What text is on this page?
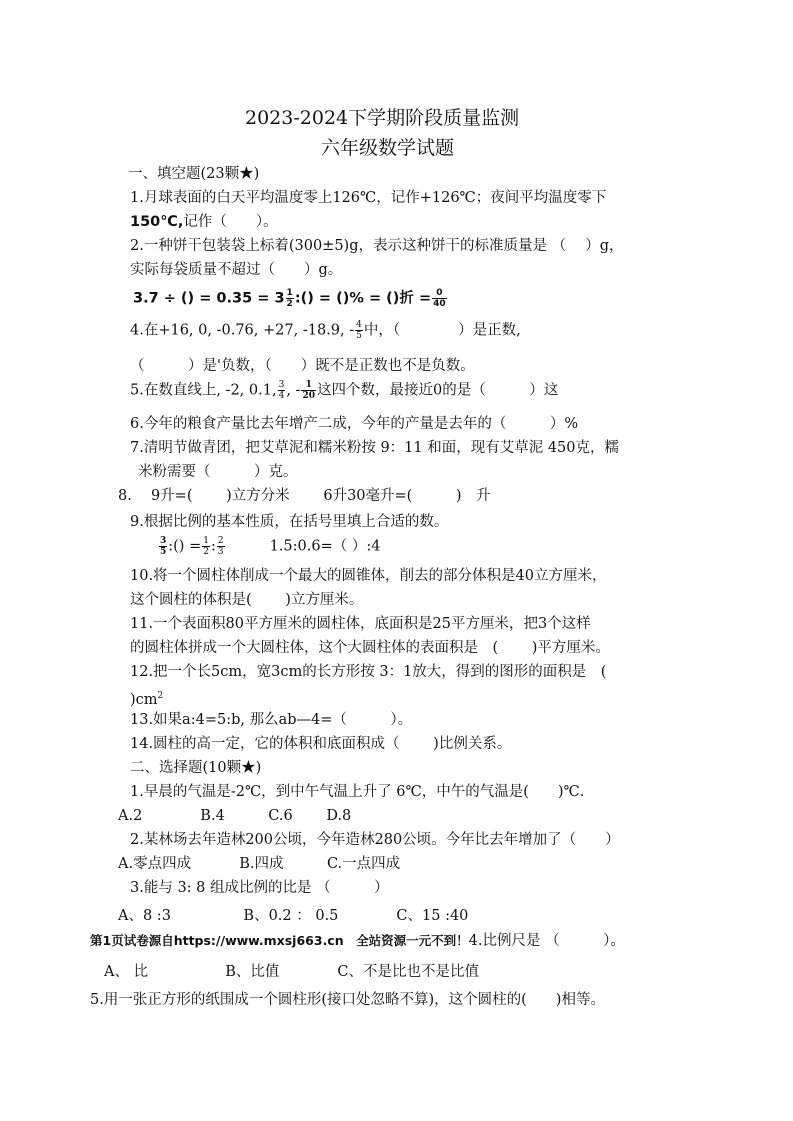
2023-2024下学期阶段质量监测
六年级数学试题
一、填空题(23颗★)
1.月球表面的白天平均温度零上126℃，记作+126℃；夜间平均温度零下
150℃,记作（　　）。
2.一种饼干包装袋上标着(300±5)g，表示这种饼干的标准质量是 （　 ）g，
实际每袋质量不超过（　　）g。
3.7 ÷ () = $0.35 = 3 \frac{1}{2}$ :() = ()% = ()折 = $\frac{0}{40}$
4.在+16, 0, -0.76, +27, -18.9, - $\frac{4}{5}$ 中，（　　　　）是正数,
（　　　）是'负数，（　　）既不是正数也不是负数。
5.在数直线上, -2, 0.1, $\frac{3}{4}$ , - $\frac{1}{20}$ 这四个数，最接近0的是（　　　）这
6.今年的粮食产量比去年增产二成，今年的产量是去年的（　　　）%
7.清明节做青团，把艾草泥和糯米粉按 9：11 和面，现有艾草泥 450克，糯
米粉需要（　　　）克。
8.　 9升=(　　 )立方分米　　 6升30毫升=(　　　)　升
9.根据比例的基本性质，在括号里填上合适的数。
$\frac{3}{5}$ :() = $\frac{1}{2}$ : $\frac{2}{3}$	1.5:0.6=（ ）:4
10.将一个圆柱体削成一个最大的圆锥体，削去的部分体积是40立方厘米，
这个圆柱的体积是(　　 )立方厘米。
11.一个表面积80平方厘米的圆柱体，底面积是25平方厘米，把3个这样
的圆柱体拼成一个大圆柱体，这个大圆柱体的表面积是　(　　 )平方厘米。
12.把一个长5cm，宽3cm的长方形按 3：1放大，得到的图形的面积是　(
)$cm^2$
13.如果a:4=5:b, 那么ab—4=（　　　）。
14.圆柱的高一定，它的体积和底面积成（　　 )比例关系。
二、选择题(10颗★)
1.早晨的气温是-2℃，到中午气温上升了 6℃，中午的气温是(　　)℃.
A.2　　　　B.4　　　C.6　　 D.8
2.某林场去年造林200公顷，今年造林280公顷。今年比去年增加了（　　）
A.零点四成　　　 B.四成　　　C.一点四成
3.能与 3: 8 组成比例的比是 （　　　）
A、8 :3　　　　　B、0.2 ： 0.5　　　　C、15 :40
第1页试卷源自https://www.mxsj663.cn　全站资源一元不到！4.比例尺是 （　　　）。
A、 比　　　　　 B、比值　　　　C、不是比也不是比值
5.用一张正方形的纸围成一个圆柱形(接口处忽略不算)，这个圆柱的(　　)相等。
